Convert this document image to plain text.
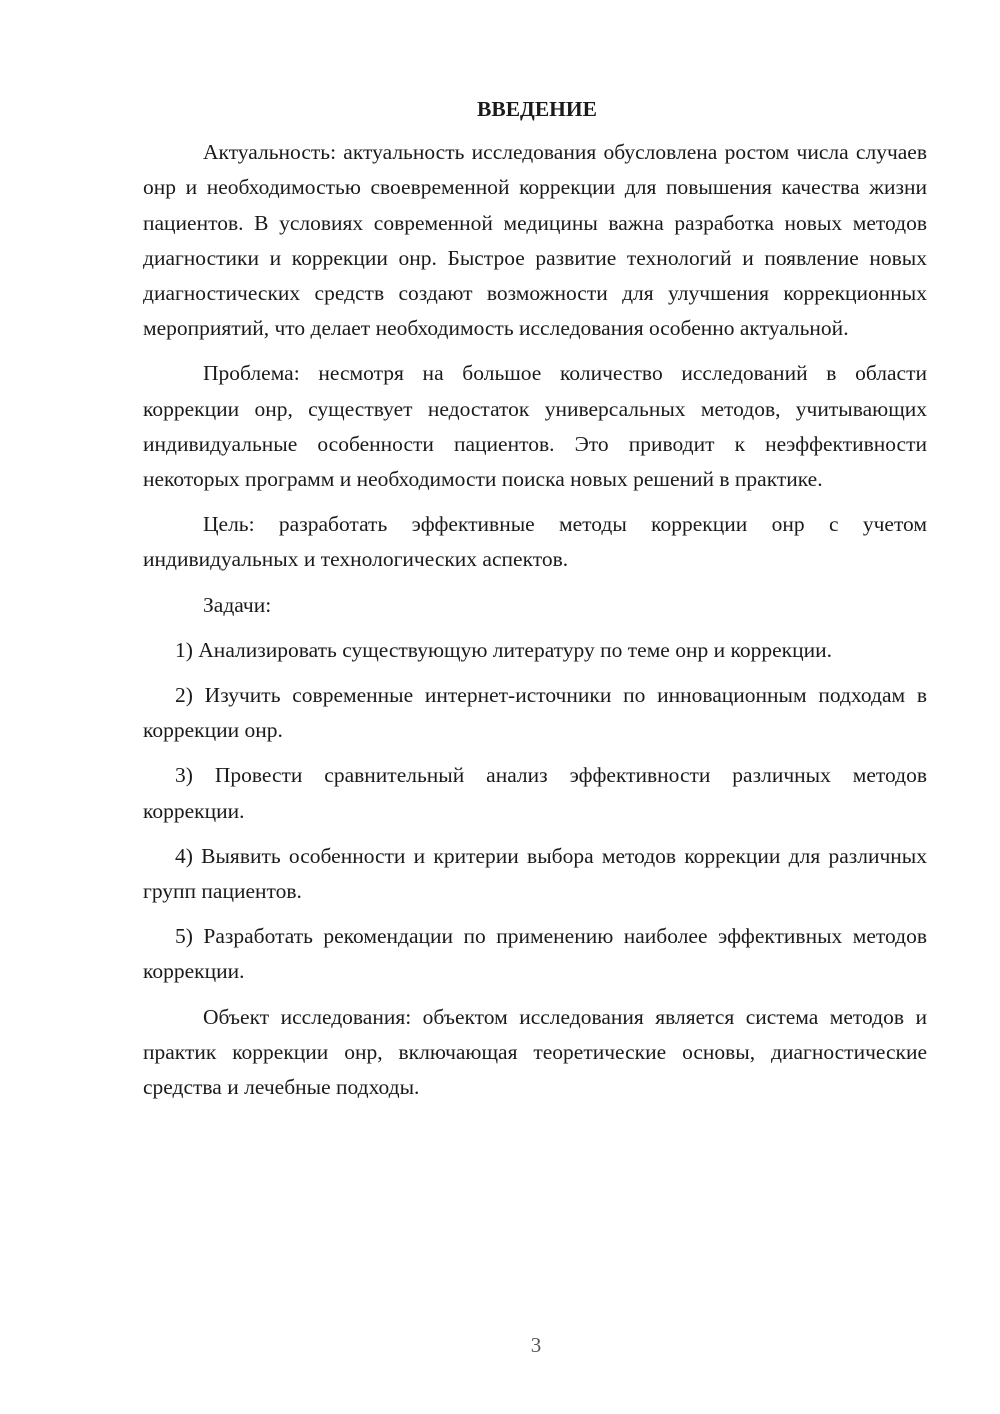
ВВЕДЕНИЕ

Актуальность: актуальность исследования обусловлена ростом числа случаев онр и необходимостью своевременной коррекции для повышения качества жизни пациентов. В условиях современной медицины важна разработка новых методов диагностики и коррекции онр. Быстрое развитие технологий и появление новых диагностических средств создают возможности для улучшения коррекционных мероприятий, что делает необходимость исследования особенно актуальной.

Проблема: несмотря на большое количество исследований в области коррекции онр, существует недостаток универсальных методов, учитывающих индивидуальные особенности пациентов. Это приводит к неэффективности некоторых программ и необходимости поиска новых решений в практике.

Цель: разработать эффективные методы коррекции онр с учетом индивидуальных и технологических аспектов.

Задачи:

1) Анализировать существующую литературу по теме онр и коррекции.

2) Изучить современные интернет-источники по инновационным подходам в коррекции онр.

3) Провести сравнительный анализ эффективности различных методов коррекции.

4) Выявить особенности и критерии выбора методов коррекции для различных групп пациентов.

5) Разработать рекомендации по применению наиболее эффективных методов коррекции.

Объект исследования: объектом исследования является система методов и практик коррекции онр, включающая теоретические основы, диагностические средства и лечебные подходы.

3
